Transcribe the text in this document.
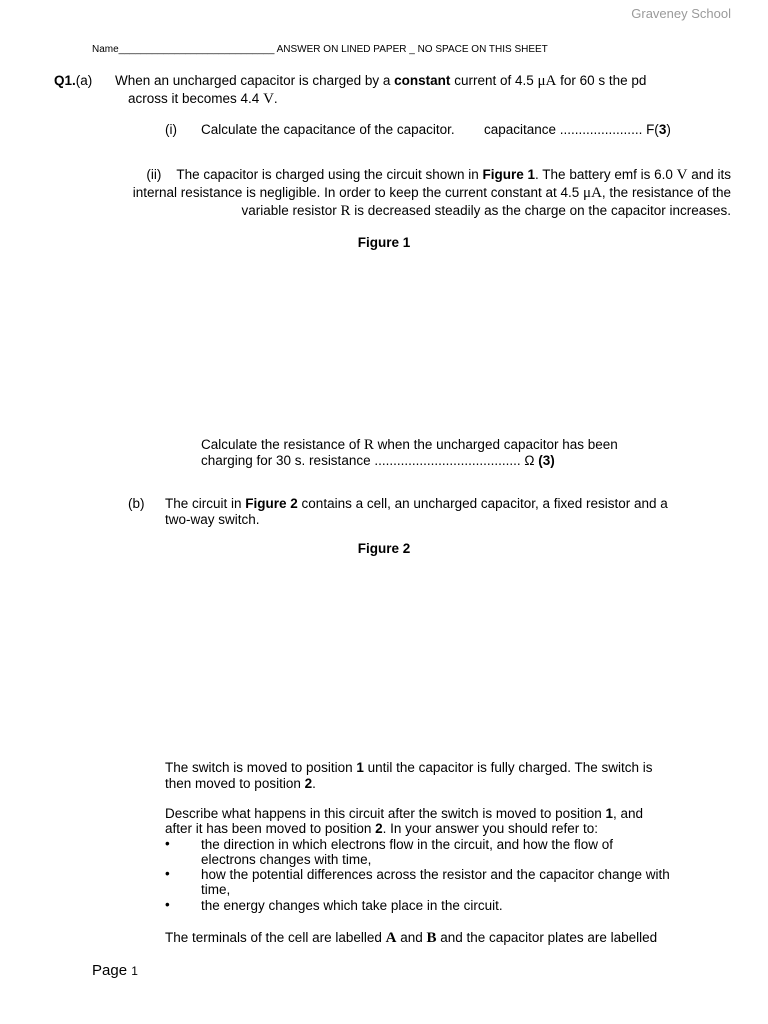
Graveney School
Name____________________________ ANSWER ON LINED PAPER _ NO SPACE ON THIS SHEET
Q1.(a) When an uncharged capacitor is charged by a constant current of 4.5 μA for 60 s the pd
across it becomes 4.4 V.
(i) Calculate the capacitance of the capacitor. capacitance ...................... F(3)
(ii) The capacitor is charged using the circuit shown in Figure 1. The battery emf is 6.0 V and its
internal resistance is negligible. In order to keep the current constant at 4.5 μA, the resistance of the
variable resistor R is decreased steadily as the charge on the capacitor increases.
Figure 1
Calculate the resistance of R when the uncharged capacitor has been
charging for 30 s. resistance ....................................... Ω (3)
(b) The circuit in Figure 2 contains a cell, an uncharged capacitor, a fixed resistor and a
two-way switch.
Figure 2
The switch is moved to position 1 until the capacitor is fully charged. The switch is
then moved to position 2.
Describe what happens in this circuit after the switch is moved to position 1, and
after it has been moved to position 2. In your answer you should refer to:
• the direction in which electrons flow in the circuit, and how the flow of
electrons changes with time,
• how the potential differences across the resistor and the capacitor change with
time,
• the energy changes which take place in the circuit.
The terminals of the cell are labelled A and B and the capacitor plates are labelled
Page 1
